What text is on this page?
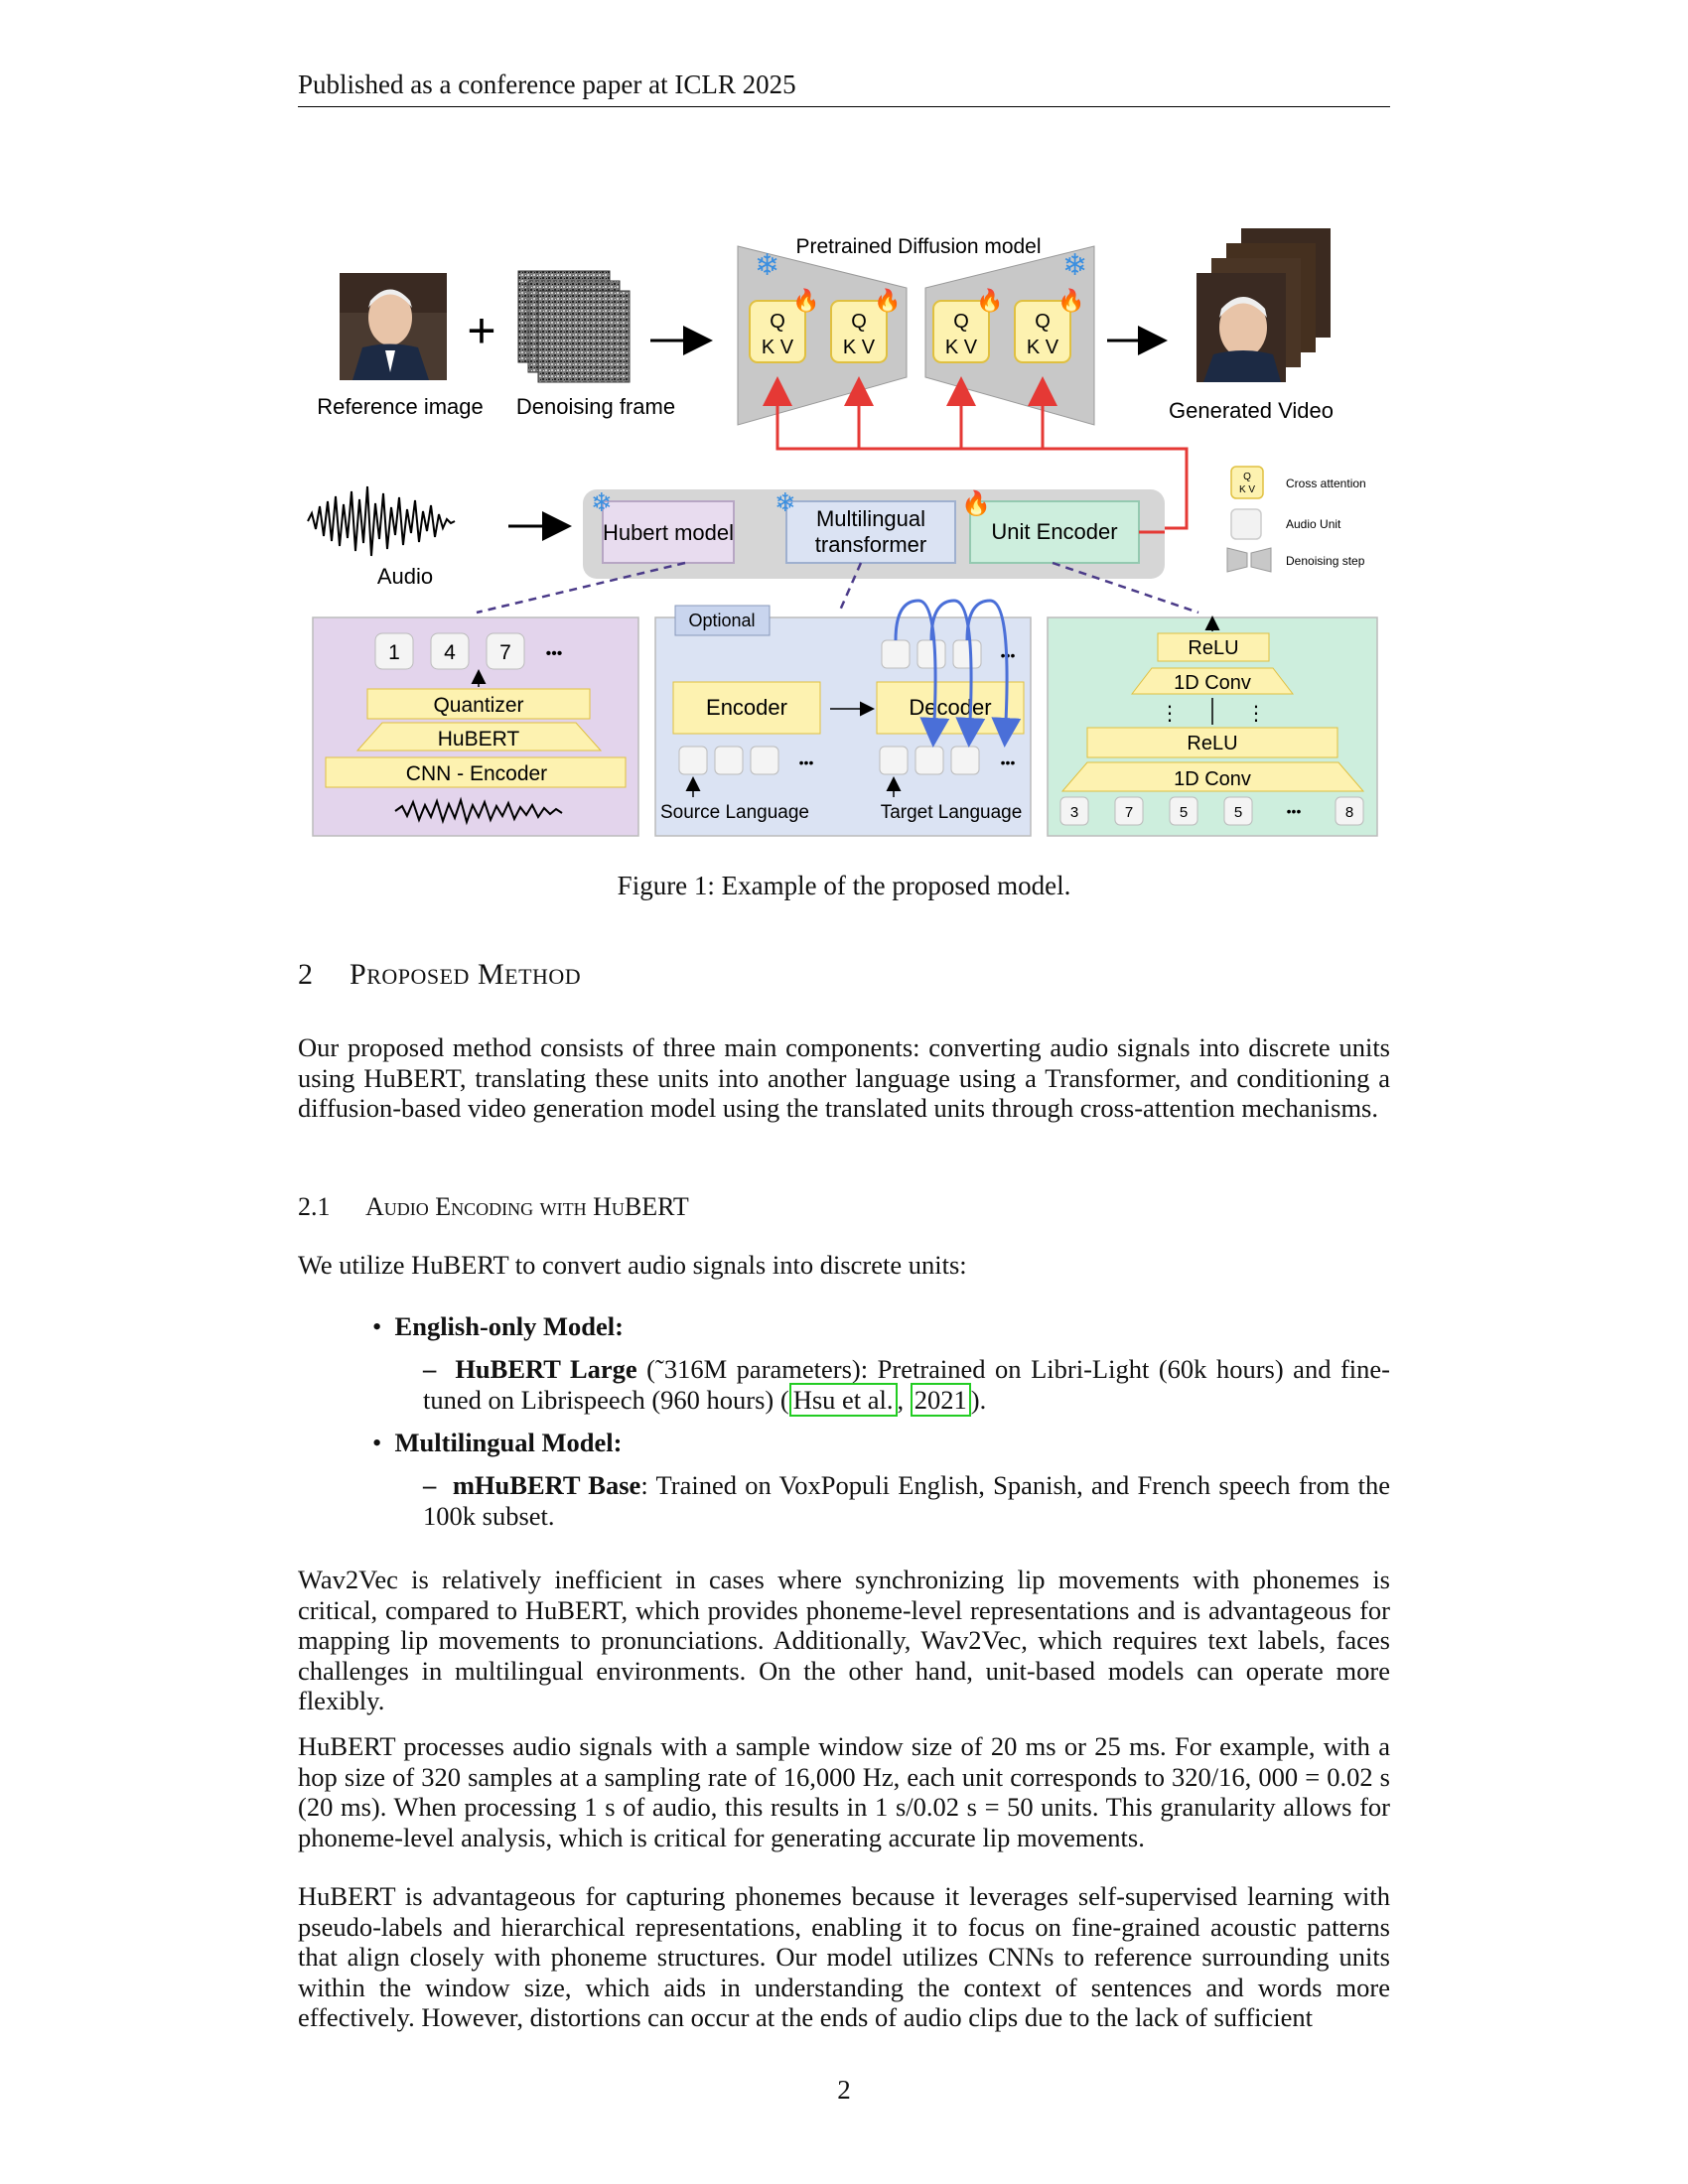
Published as a conference paper at ICLR 2025
Reference image
+
Denoising frame
Pretrained Diffusion model
❄	❄
Q
K V
🔥
Q
K V
🔥
Q
K V
🔥
Q
K V
🔥
Generated Video
Audio
Hubert model
❄
Multilingual
transformer
❄
Unit Encoder
🔥
Q
K V	Cross attention
Audio Unit
Denoising step
1 4 7 •••
Quantizer
HuBERT
CNN - Encoder
Optional
Encoder	Decoder
•••
Source Language
•••
Target Language
•••	ReLU
1D Conv
⋮	⋮
ReLU
1D Conv
3	7	5	5	•••	8
Figure 1: Example of the proposed model.
2 PROPOSED METHOD
Our proposed method consists of three main components: converting audio signals into discrete units using HuBERT, translating these units into another language using a Transformer, and conditioning a diffusion-based video generation model using the translated units through cross-attention mechanisms.
2.1 Audio Encoding with HuBERT
We utilize HuBERT to convert audio signals into discrete units:
• English-only Model:
– HuBERT Large (˜316M parameters): Pretrained on Libri-Light (60k hours) and fine-tuned on Librispeech (960 hours) ( Hsu et al. , 2021 ).
• Multilingual Model:
– mHuBERT Base: Trained on VoxPopuli English, Spanish, and French speech from the 100k subset.
Wav2Vec is relatively inefficient in cases where synchronizing lip movements with phonemes is critical, compared to HuBERT, which provides phoneme-level representations and is advantageous for mapping lip movements to pronunciations. Additionally, Wav2Vec, which requires text labels, faces challenges in multilingual environments. On the other hand, unit-based models can operate more flexibly.
HuBERT processes audio signals with a sample window size of 20 ms or 25 ms. For example, with a hop size of 320 samples at a sampling rate of 16,000 Hz, each unit corresponds to 320/16, 000 = 0.02 s (20 ms). When processing 1 s of audio, this results in 1 s/0.02 s = 50 units. This granularity allows for phoneme-level analysis, which is critical for generating accurate lip movements.
HuBERT is advantageous for capturing phonemes because it leverages self-supervised learning with pseudo-labels and hierarchical representations, enabling it to focus on fine-grained acoustic patterns that align closely with phoneme structures. Our model utilizes CNNs to reference surrounding units within the window size, which aids in understanding the context of sentences and words more effectively. However, distortions can occur at the ends of audio clips due to the lack of sufficient
2
